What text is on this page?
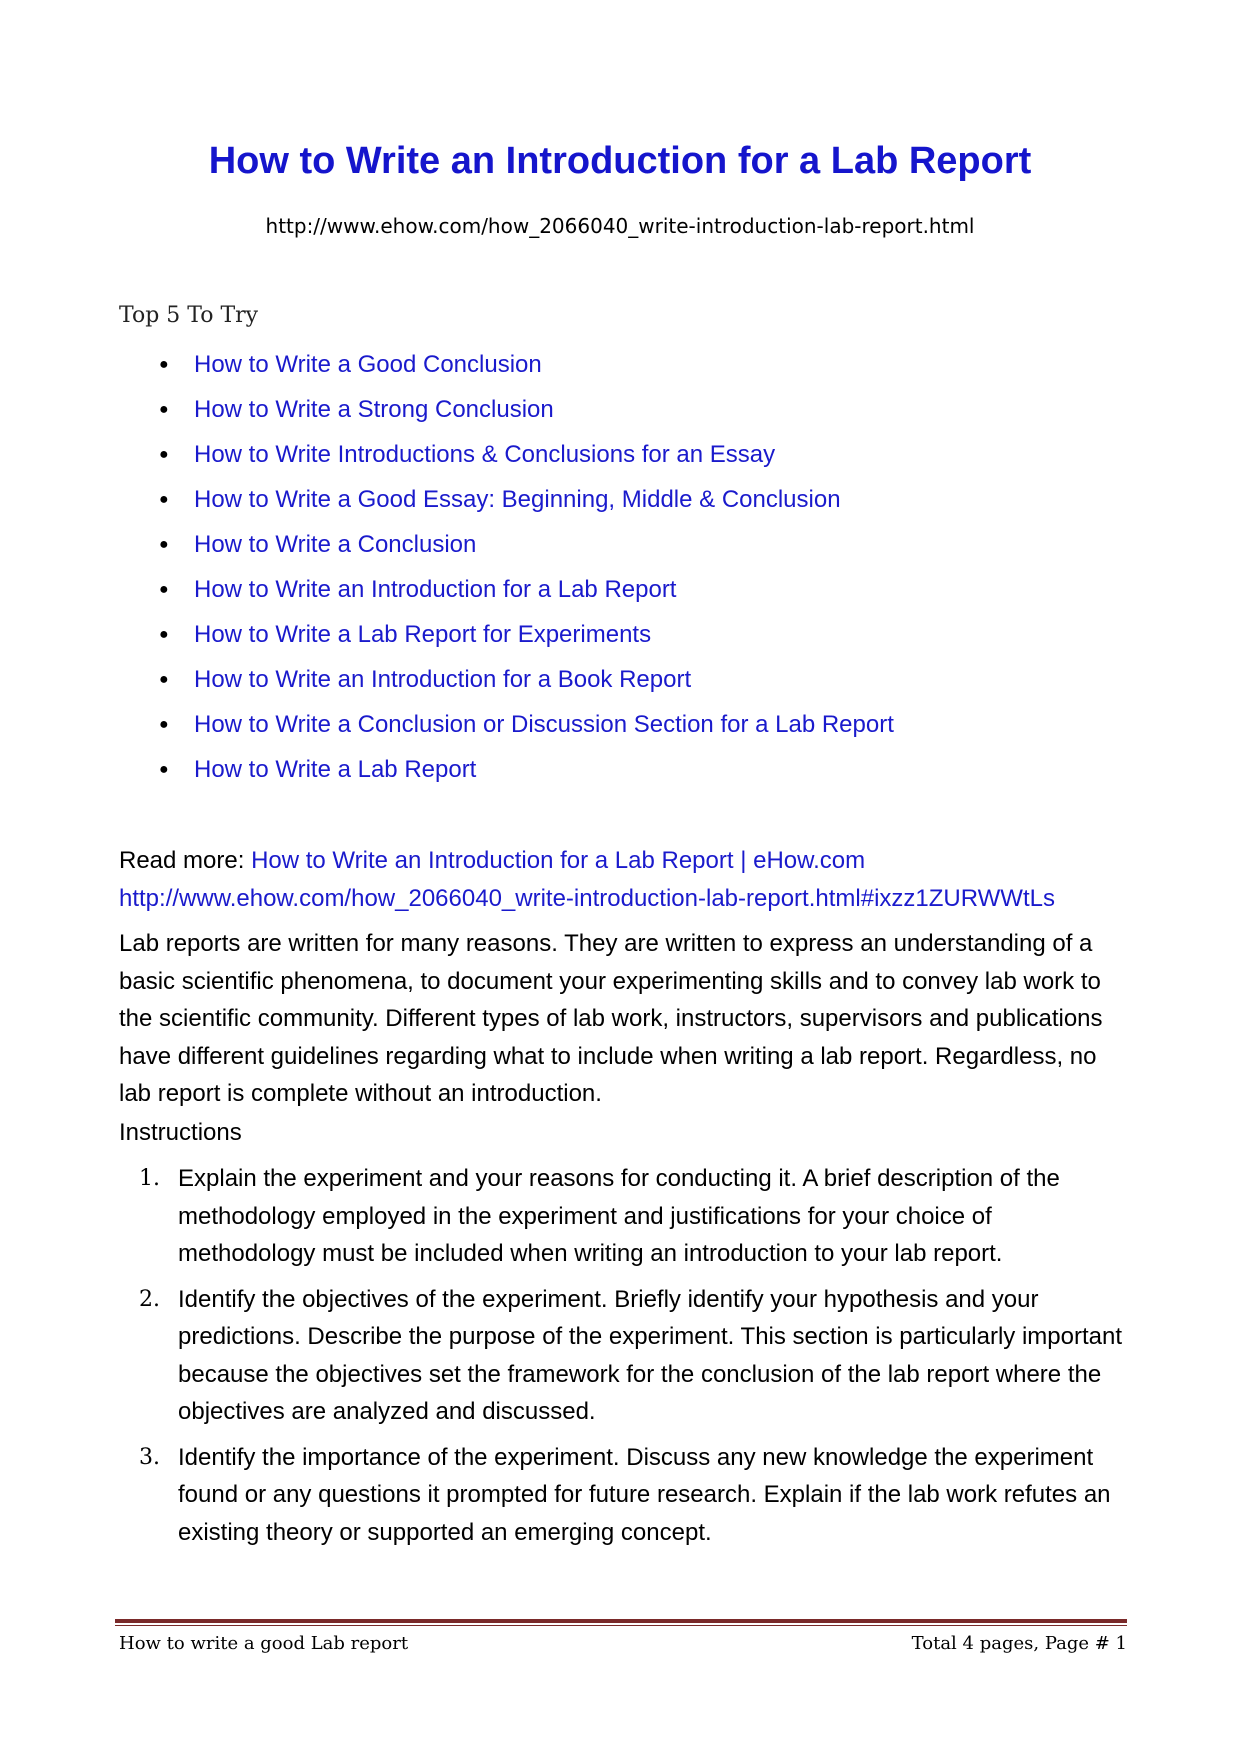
How to Write an Introduction for a Lab Report
http://www.ehow.com/how_2066040_write-introduction-lab-report.html
Top 5 To Try
● How to Write a Good Conclusion
● How to Write a Strong Conclusion
● How to Write Introductions & Conclusions for an Essay
● How to Write a Good Essay: Beginning, Middle & Conclusion
● How to Write a Conclusion
● How to Write an Introduction for a Lab Report
● How to Write a Lab Report for Experiments
● How to Write an Introduction for a Book Report
● How to Write a Conclusion or Discussion Section for a Lab Report
● How to Write a Lab Report
Read more: How to Write an Introduction for a Lab Report | eHow.com
http://www.ehow.com/how_2066040_write-introduction-lab-report.html#ixzz1ZURWWtLs

Lab reports are written for many reasons. They are written to express an understanding of a basic scientific phenomena, to document your experimenting skills and to convey lab work to the scientific community. Different types of lab work, instructors, supervisors and publications have different guidelines regarding what to include when writing a lab report. Regardless, no lab report is complete without an introduction.

Instructions
1. Explain the experiment and your reasons for conducting it. A brief description of the methodology employed in the experiment and justifications for your choice of methodology must be included when writing an introduction to your lab report.
2. Identify the objectives of the experiment. Briefly identify your hypothesis and your predictions. Describe the purpose of the experiment. This section is particularly important because the objectives set the framework for the conclusion of the lab report where the objectives are analyzed and discussed.
3. Identify the importance of the experiment. Discuss any new knowledge the experiment found or any questions it prompted for future research. Explain if the lab work refutes an existing theory or supported an emerging concept.
How to write a good Lab report	Total 4 pages, Page # 1
